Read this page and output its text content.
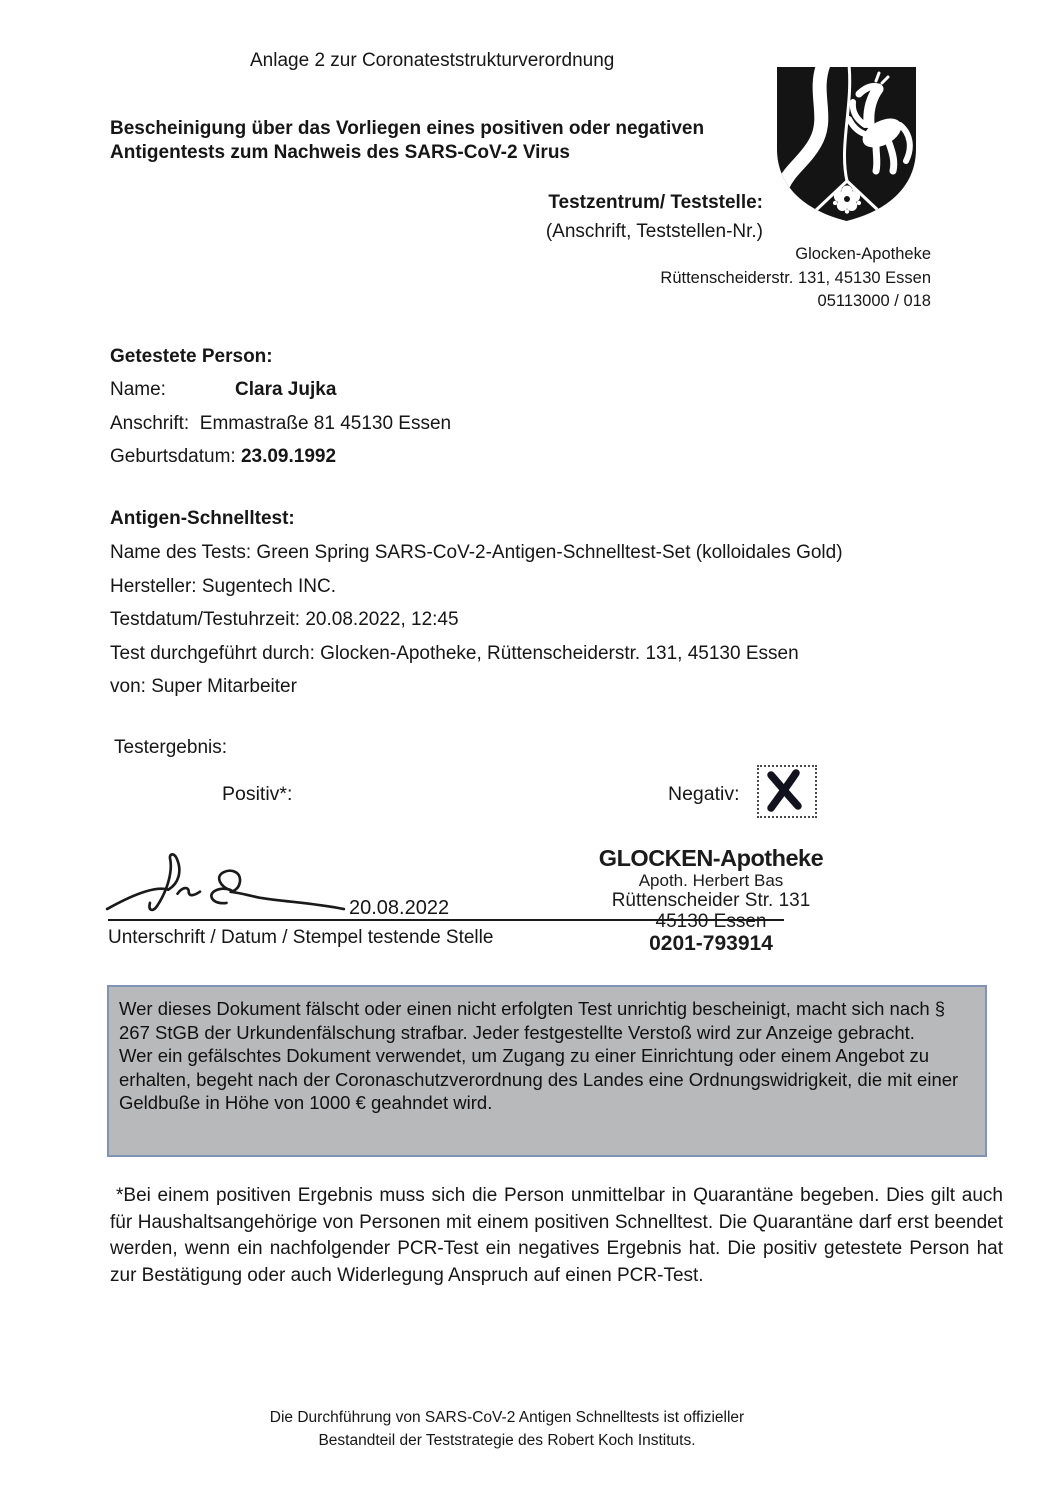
Anlage 2 zur Coronateststrukturverordnung
Bescheinigung über das Vorliegen eines positiven oder negativen
Antigentests zum Nachweis des SARS-CoV-2 Virus
Testzentrum/ Teststelle:
(Anschrift, Teststellen-Nr.)
Glocken-Apotheke
Rüttenscheiderstr. 131, 45130 Essen
05113000 / 018
Getestete Person:
Name:	Clara Jujka
Anschrift: Emmastraße 81 45130 Essen
Geburtsdatum: 23.09.1992
Antigen-Schnelltest:
Name des Tests: Green Spring SARS-CoV-2-Antigen-Schnelltest-Set (kolloidales Gold)
Hersteller: Sugentech INC.
Testdatum/Testuhrzeit: 20.08.2022, 12:45
Test durchgeführt durch: Glocken-Apotheke, Rüttenscheiderstr. 131, 45130 Essen
von: Super Mitarbeiter
Testergebnis:
Positiv*:	Negativ:
20.08.2022
GLOCKEN-Apotheke
Apoth. Herbert Bas
Rüttenscheider Str. 131
45130 Essen
0201-793914
Unterschrift / Datum / Stempel testende Stelle
Wer dieses Dokument fälscht oder einen nicht erfolgten Test unrichtig bescheinigt, macht sich nach § 267 StGB der Urkundenfälschung strafbar. Jeder festgestellte Verstoß wird zur Anzeige gebracht.
Wer ein gefälschtes Dokument verwendet, um Zugang zu einer Einrichtung oder einem Angebot zu erhalten, begeht nach der Coronaschutzverordnung des Landes eine Ordnungswidrigkeit, die mit einer Geldbuße in Höhe von 1000 € geahndet wird.
*Bei einem positiven Ergebnis muss sich die Person unmittelbar in Quarantäne begeben. Dies gilt auch für Haushaltsangehörige von Personen mit einem positiven Schnelltest. Die Quarantäne darf erst beendet werden, wenn ein nachfolgender PCR-Test ein negatives Ergebnis hat. Die positiv getestete Person hat zur Bestätigung oder auch Widerlegung Anspruch auf einen PCR-Test.
Die Durchführung von SARS-CoV-2 Antigen Schnelltests ist offizieller
Bestandteil der Teststrategie des Robert Koch Instituts.
